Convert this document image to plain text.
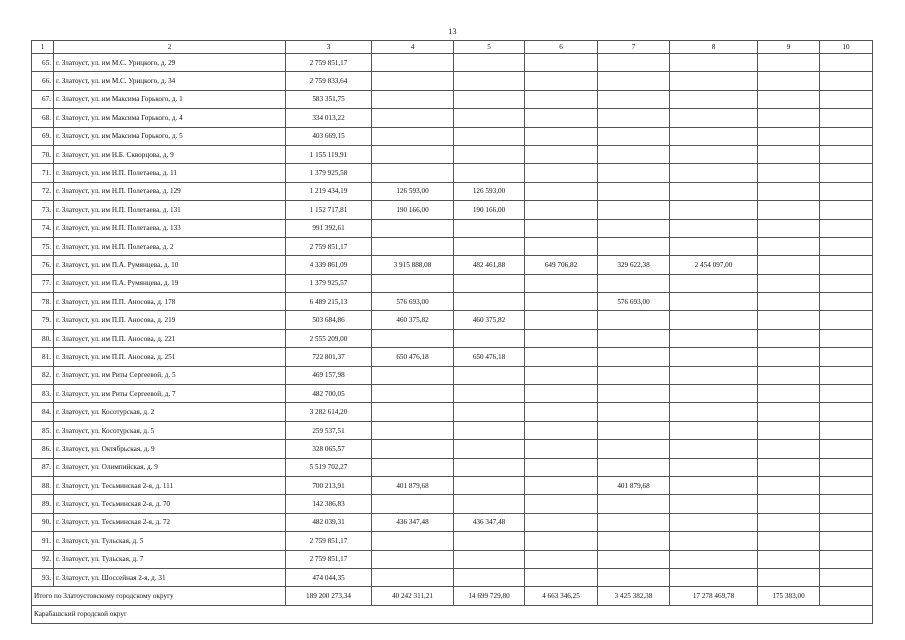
13
1	2	3	4	5	6	7	8	9	10
65.	г. Златоуст, ул. им М.С. Урицкого, д. 29	2 759 851,17							
66.	г. Златоуст, ул. им М.С. Урицкого, д. 34	2 759 833,64							
67.	г. Златоуст, ул. им Максима Горького, д. 1	583 351,75							
68.	г. Златоуст, ул. им Максима Горького, д. 4	334 013,22							
69.	г. Златоуст, ул. им Максима Горького, д. 5	403 669,15							
70.	г. Златоуст, ул. им Н.Б. Скворцова, д. 9	1 155 119,91							
71.	г. Златоуст, ул. им Н.П. Полетаева, д. 11	1 379 925,58							
72.	г. Златоуст, ул. им Н.П. Полетаева, д. 129	1 219 434,19	126 593,00	126 593,00					
73.	г. Златоуст, ул. им Н.П. Полетаева, д. 131	1 152 717,81	190 166,00	190 166,00					
74.	г. Златоуст, ул. им Н.П. Полетаева, д. 133	991 392,61							
75.	г. Златоуст, ул. им Н.П. Полетаева, д. 2	2 759 851,17							
76.	г. Златоуст, ул. им П.А. Румянцева, д. 10	4 339 861,09	3 915 888,08	482 461,88	649 706,82	329 622,38	2 454 097,00		
77.	г. Златоуст, ул. им П.А. Румянцева, д. 19	1 379 925,57							
78.	г. Златоуст, ул. им П.П. Аносова, д. 178	6 489 215,13	576 693,00			576 693,00			
79.	г. Златоуст, ул. им П.П. Аносова, д. 219	503 684,86	460 375,82	460 375,82					
80.	г. Златоуст, ул. им П.П. Аносова, д. 221	2 555 209,00							
81.	г. Златоуст, ул. им П.П. Аносова, д. 251	722 801,37	650 476,18	650 476,18					
82.	г. Златоуст, ул. им Риты Сергеевой, д. 5	469 157,98							
83.	г. Златоуст, ул. им Риты Сергеевой, д. 7	482 700,05							
84.	г. Златоуст, ул. Косотурская, д. 2	3 282 614,20							
85.	г. Златоуст, ул. Косотурская, д. 5	259 537,51							
86.	г. Златоуст, ул. Октябрьская, д. 9	328 065,57							
87.	г. Златоуст, ул. Олимпийская, д. 9	5 519 702,27							
88.	г. Златоуст, ул. Тесьминская 2-я, д. 111	700 213,91	401 879,68			401 879,68			
89.	г. Златоуст, ул. Тесьминская 2-я, д. 70	142 386,83							
90.	г. Златоуст, ул. Тесьминская 2-я, д. 72	482 039,31	436 347,48	436 347,48					
91.	г. Златоуст, ул. Тульская, д. 5	2 759 851,17							
92.	г. Златоуст, ул. Тульская, д. 7	2 759 851,17							
93.	г. Златоуст, ул. Шоссейная 2-я, д. 31	474 044,35							
Итого по Златоустовскому городскому округу		189 200 273,34	40 242 311,21	14 699 729,80	4 663 346,25	3 425 382,38	17 278 469,78	175 383,00	
Карабашский городской округ									
